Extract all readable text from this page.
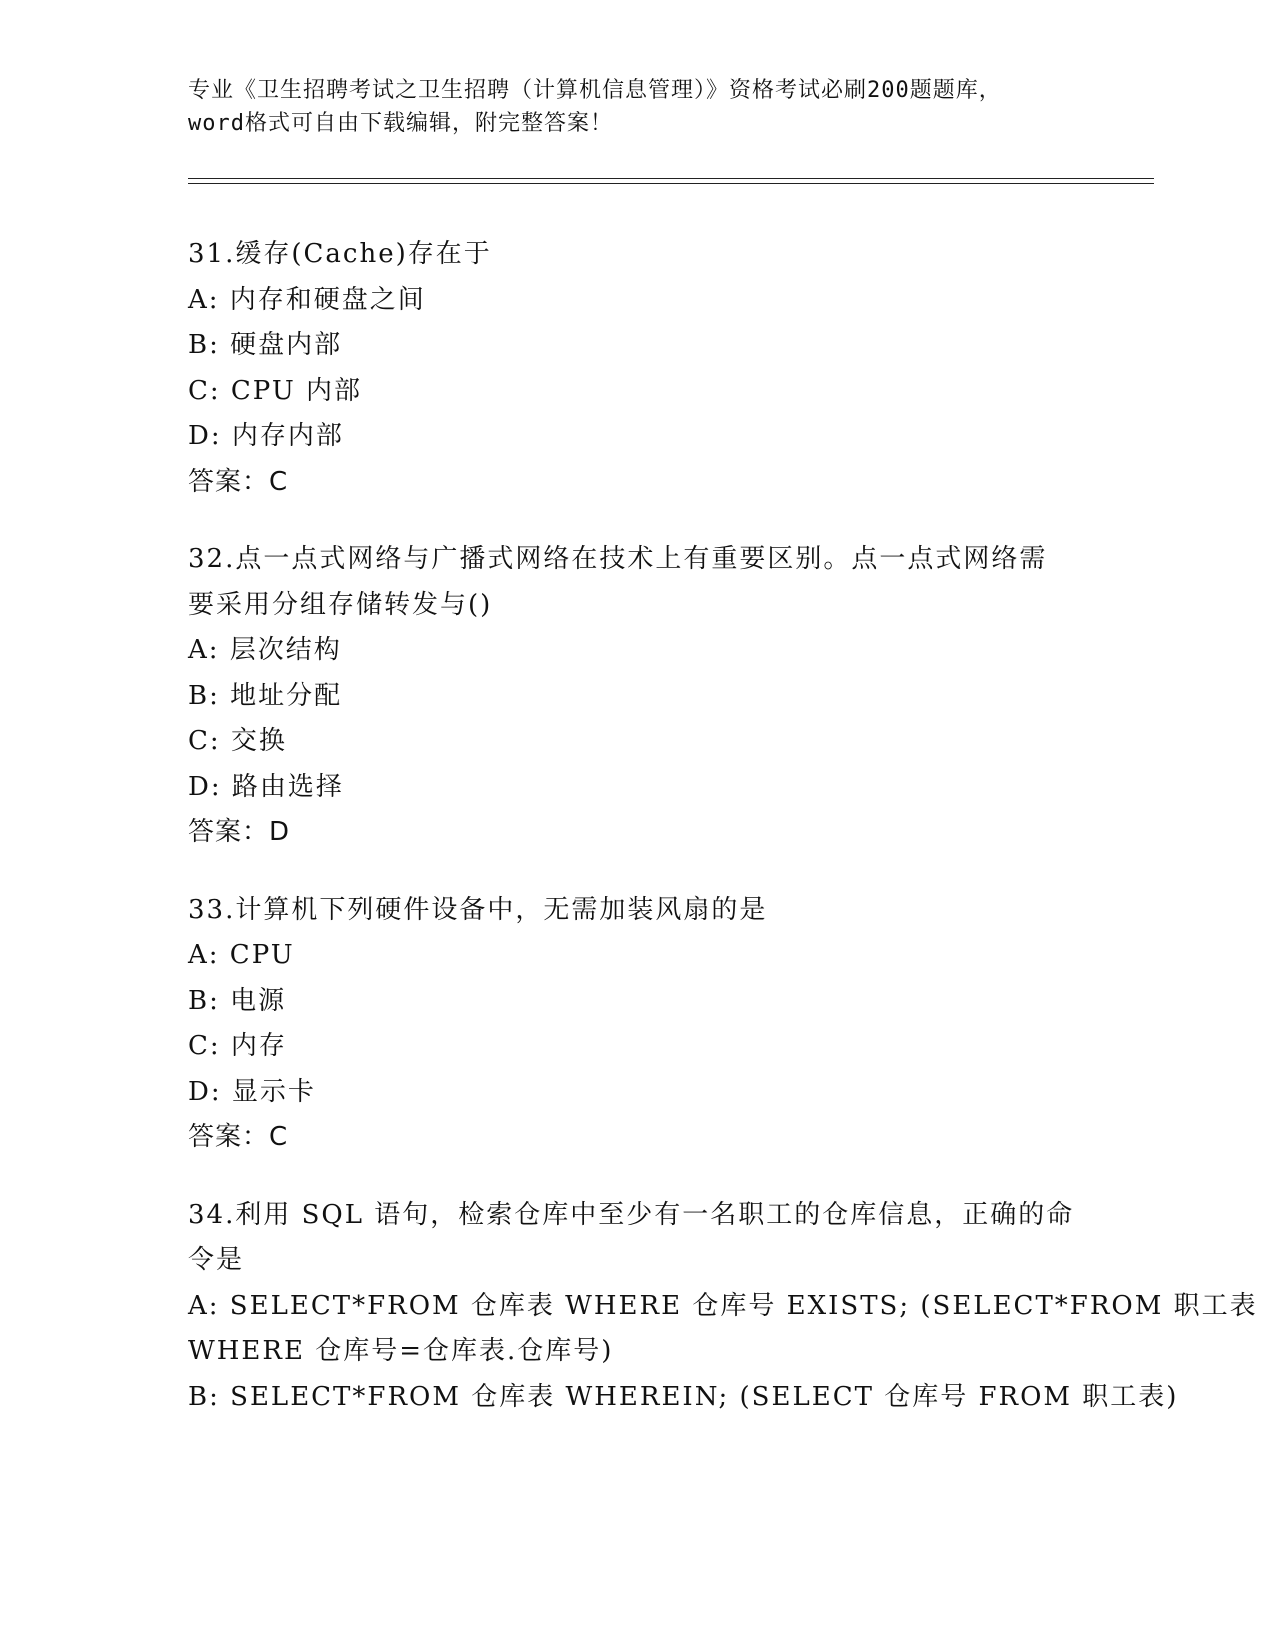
专业《卫生招聘考试之卫生招聘（计算机信息管理）》资格考试必刷200题题库，
word格式可自由下载编辑，附完整答案！
31.缓存(Cache)存在于
A: 内存和硬盘之间
B: 硬盘内部
C: CPU 内部
D: 内存内部
答案：C
32.点一点式网络与广播式网络在技术上有重要区别。点一点式网络需
要采用分组存储转发与()
A: 层次结构
B: 地址分配
C: 交换
D: 路由选择
答案：D
33.计算机下列硬件设备中，无需加装风扇的是
A: CPU
B: 电源
C: 内存
D: 显示卡
答案：C
34.利用 SQL 语句，检索仓库中至少有一名职工的仓库信息，正确的命
令是
A: SELECT*FROM 仓库表 WHERE 仓库号 EXISTS; (SELECT*FROM 职工表
WHERE 仓库号=仓库表.仓库号)
B: SELECT*FROM 仓库表 WHEREIN; (SELECT 仓库号 FROM 职工表)
